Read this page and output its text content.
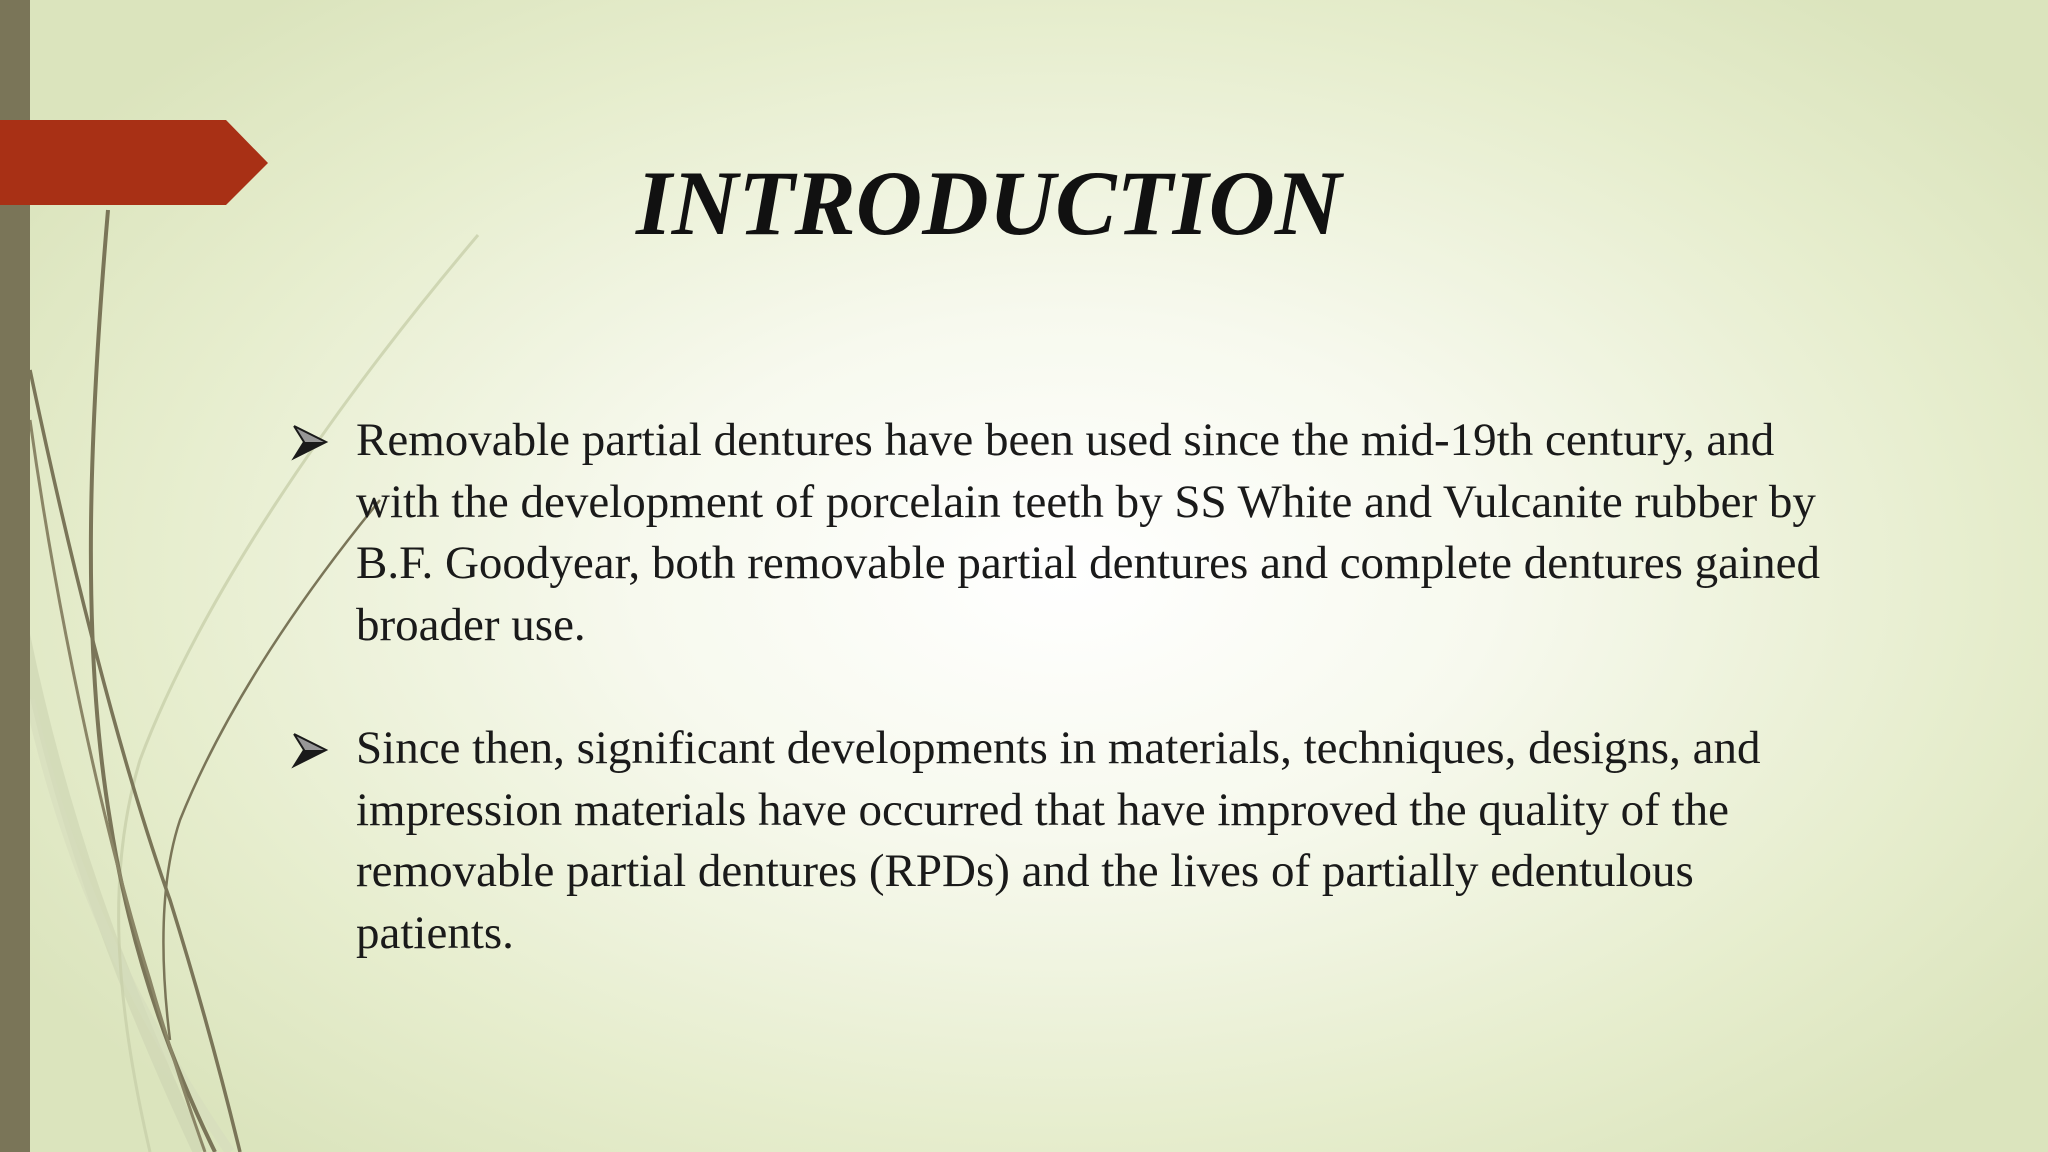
INTRODUCTION
Removable partial dentures have been used since the mid-19th century, and with the development of porcelain teeth by SS White and Vulcanite rubber by B.F. Goodyear, both removable partial dentures and complete dentures gained broader use.
Since then, significant developments in materials, techniques, designs, and impression materials have occurred that have improved the quality of the removable partial dentures (RPDs) and the lives of partially edentulous patients.
